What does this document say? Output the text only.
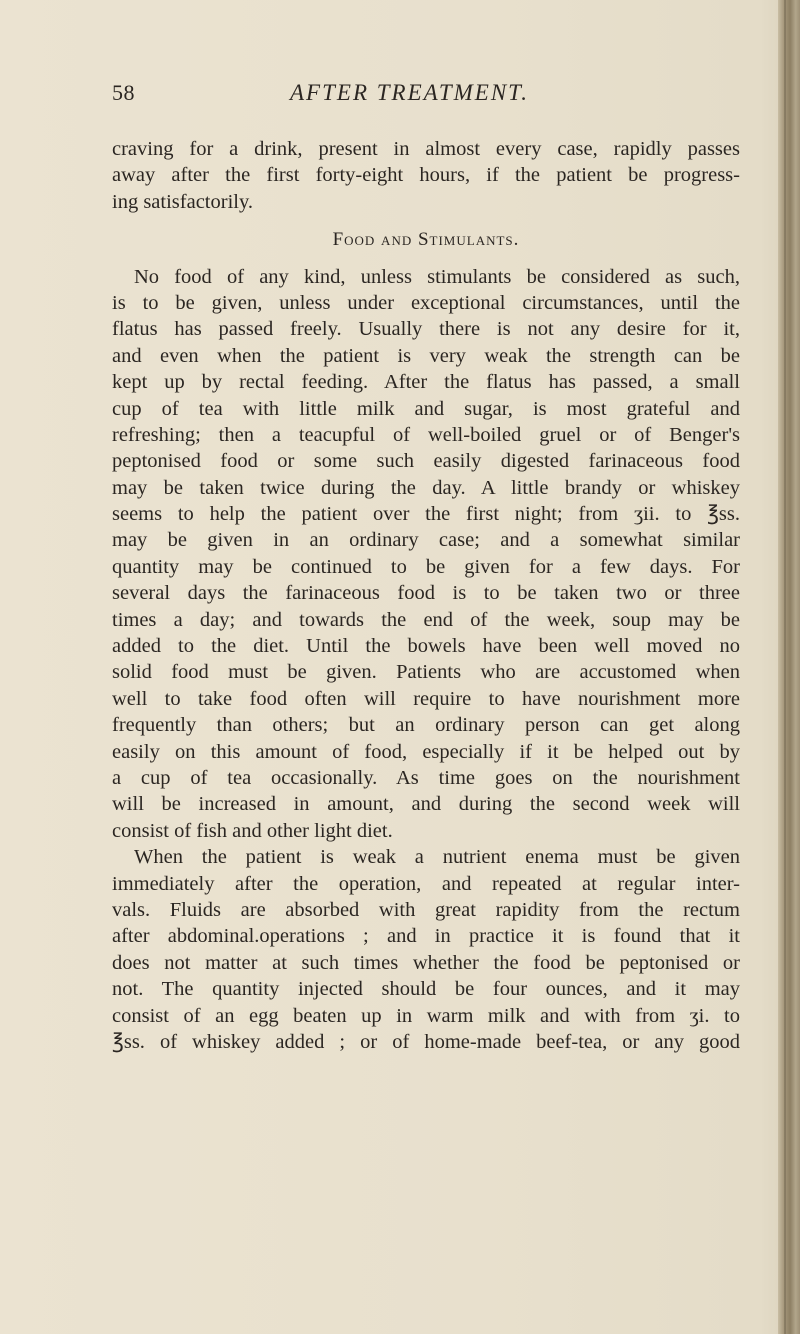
58	AFTER TREATMENT.
craving for a drink, present in almost every case, rapidly passes
away after the first forty-eight hours, if the patient be progress-
ing satisfactorily.
Food and Stimulants.
No food of any kind, unless stimulants be considered as such,
is to be given, unless under exceptional circumstances, until the
flatus has passed freely. Usually there is not any desire for it,
and even when the patient is very weak the strength can be
kept up by rectal feeding. After the flatus has passed, a small
cup of tea with little milk and sugar, is most grateful and
refreshing; then a teacupful of well-boiled gruel or of Benger's
peptonised food or some such easily digested farinaceous food
may be taken twice during the day. A little brandy or whiskey
seems to help the patient over the first night; from ʒii. to ℥ss.
may be given in an ordinary case; and a somewhat similar
quantity may be continued to be given for a few days. For
several days the farinaceous food is to be taken two or three
times a day; and towards the end of the week, soup may be
added to the diet. Until the bowels have been well moved no
solid food must be given. Patients who are accustomed when
well to take food often will require to have nourishment more
frequently than others; but an ordinary person can get along
easily on this amount of food, especially if it be helped out by
a cup of tea occasionally. As time goes on the nourishment
will be increased in amount, and during the second week will
consist of fish and other light diet.
When the patient is weak a nutrient enema must be given
immediately after the operation, and repeated at regular inter-
vals. Fluids are absorbed with great rapidity from the rectum
after abdominal.operations ; and in practice it is found that it
does not matter at such times whether the food be peptonised or
not. The quantity injected should be four ounces, and it may
consist of an egg beaten up in warm milk and with from ʒi. to
℥ss. of whiskey added ; or of home-made beef-tea, or any good
